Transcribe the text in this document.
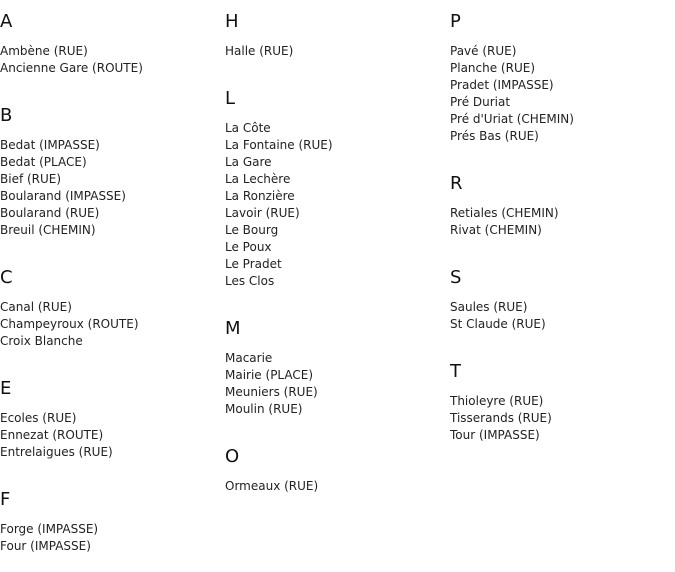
A
Ambène (RUE)
Ancienne Gare (ROUTE)
B
Bedat (IMPASSE)
Bedat (PLACE)
Bief (RUE)
Boularand (IMPASSE)
Boularand (RUE)
Breuil (CHEMIN)
C
Canal (RUE)
Champeyroux (ROUTE)
Croix Blanche
E
Ecoles (RUE)
Ennezat (ROUTE)
Entrelaigues (RUE)
F
Forge (IMPASSE)
Four (IMPASSE)
H
Halle (RUE)
L
La Côte
La Fontaine (RUE)
La Gare
La Lechère
La Ronzière
Lavoir (RUE)
Le Bourg
Le Poux
Le Pradet
Les Clos
M
Macarie
Mairie (PLACE)
Meuniers (RUE)
Moulin (RUE)
O
Ormeaux (RUE)
P
Pavé (RUE)
Planche (RUE)
Pradet (IMPASSE)
Pré Duriat
Pré d'Uriat (CHEMIN)
Prés Bas (RUE)
R
Retiales (CHEMIN)
Rivat (CHEMIN)
S
Saules (RUE)
St Claude (RUE)
T
Thioleyre (RUE)
Tisserands (RUE)
Tour (IMPASSE)
